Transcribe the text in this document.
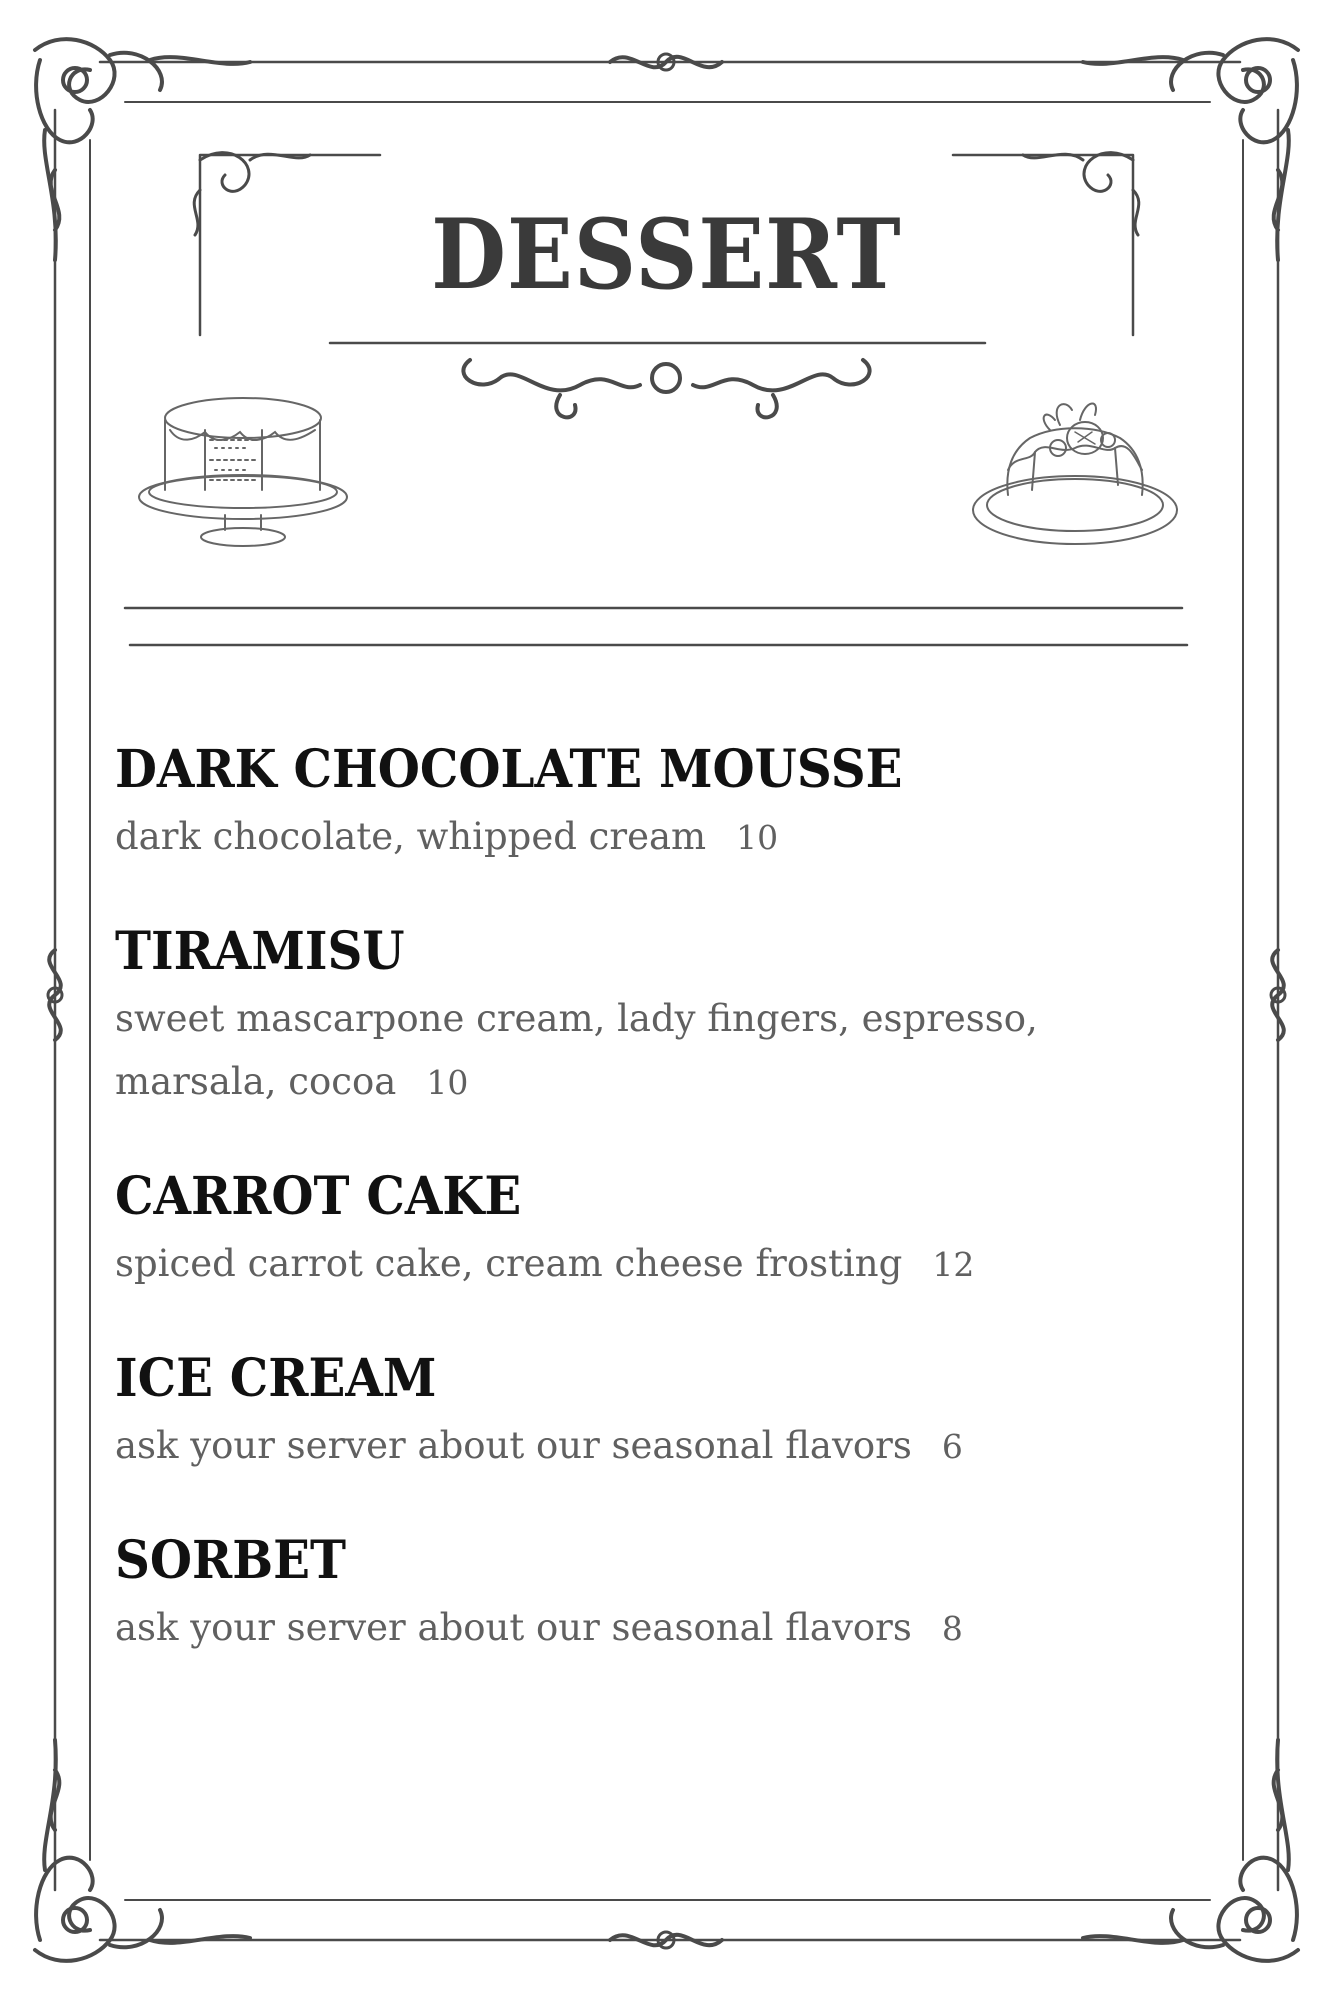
DESSERT
DARK CHOCOLATE MOUSSE
dark chocolate, whipped cream 10
TIRAMISU
sweet mascarpone cream, lady fingers, espresso, marsala, cocoa 10
CARROT CAKE
spiced carrot cake, cream cheese frosting 12
ICE CREAM
ask your server about our seasonal flavors 6
SORBET
ask your server about our seasonal flavors 8
